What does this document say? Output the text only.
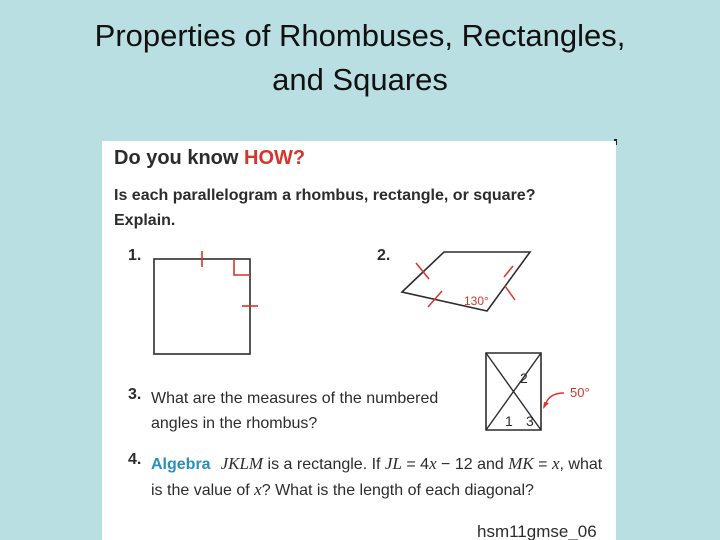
Properties of Rhombuses, Rectangles,
and Squares
Do you know HOW?
Is each parallelogram a rhombus, rectangle, or square? Explain.
1.	2.
130°
2
1 3
50°
3. What are the measures of the numbered angles in the rhombus?
4. Algebra JKLM is a rectangle. If JL = 4x − 12 and MK = x, what is the value of x? What is the length of each diagonal?
hsm11gmse_06
